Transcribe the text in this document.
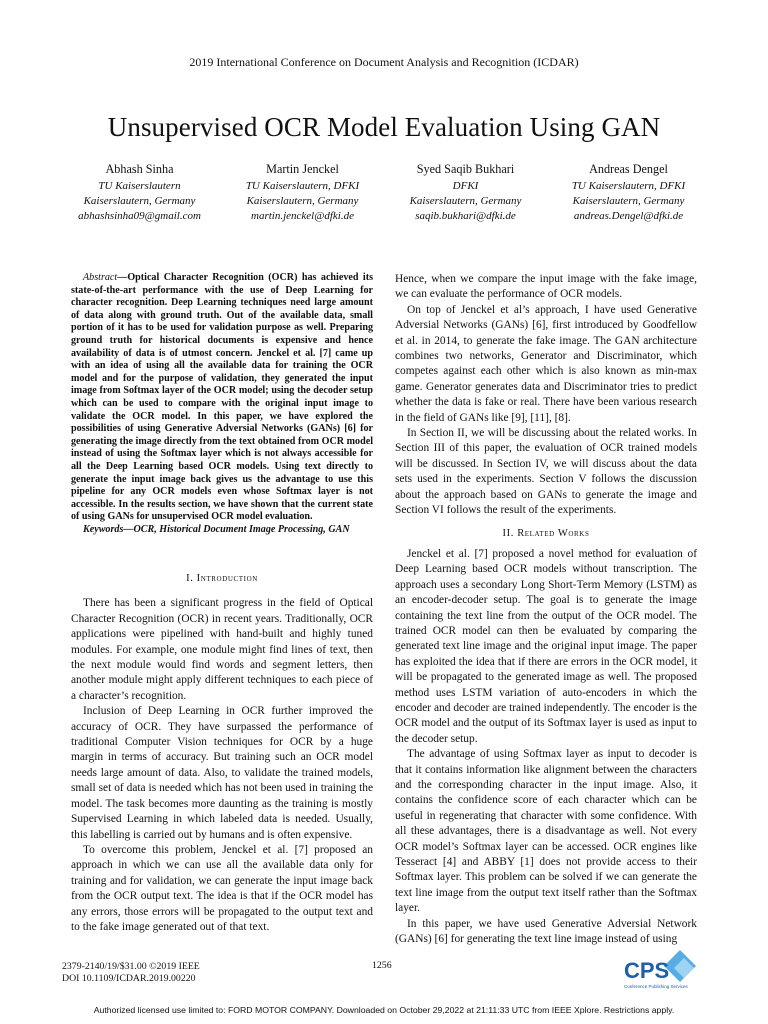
2019 International Conference on Document Analysis and Recognition (ICDAR)
Unsupervised OCR Model Evaluation Using GAN
Abhash Sinha
TU Kaiserslautern
Kaiserslautern, Germany
abhashsinha09@gmail.com
Martin Jenckel
TU Kaiserslautern, DFKI
Kaiserslautern, Germany
martin.jenckel@dfki.de
Syed Saqib Bukhari
DFKI
Kaiserslautern, Germany
saqib.bukhari@dfki.de
Andreas Dengel
TU Kaiserslautern, DFKI
Kaiserslautern, Germany
andreas.Dengel@dfki.de

Abstract—Optical Character Recognition (OCR) has achieved its state-of-the-art performance with the use of Deep Learning for character recognition. Deep Learning techniques need large amount of data along with ground truth. Out of the available data, small portion of it has to be used for validation purpose as well. Preparing ground truth for historical documents is expensive and hence availability of data is of utmost concern. Jenckel et al. [7] came up with an idea of using all the available data for training the OCR model and for the purpose of validation, they generated the input image from Softmax layer of the OCR model; using the decoder setup which can be used to compare with the original input image to validate the OCR model. In this paper, we have explored the possibilities of using Generative Adversial Networks (GANs) [6] for generating the image directly from the text obtained from OCR model instead of using the Softmax layer which is not always accessible for all the Deep Learning based OCR models. Using text directly to generate the input image back gives us the advantage to use this pipeline for any OCR models even whose Softmax layer is not accessible. In the results section, we have shown that the current state of using GANs for unsupervised OCR model evaluation.

Keywords—OCR, Historical Document Image Processing, GAN

I. Introduction

There has been a significant progress in the field of Optical Character Recognition (OCR) in recent years. Traditionally, OCR applications were pipelined with hand-built and highly tuned modules. For example, one module might find lines of text, then the next module would find words and segment letters, then another module might apply different techniques to each piece of a character’s recognition.

Inclusion of Deep Learning in OCR further improved the accuracy of OCR. They have surpassed the performance of traditional Computer Vision techniques for OCR by a huge margin in terms of accuracy. But training such an OCR model needs large amount of data. Also, to validate the trained models, small set of data is needed which has not been used in training the model. The task becomes more daunting as the training is mostly Supervised Learning in which labeled data is needed. Usually, this labelling is carried out by humans and is often expensive.

To overcome this problem, Jenckel et al. [7] proposed an approach in which we can use all the available data only for training and for validation, we can generate the input image back from the OCR output text. The idea is that if the OCR model has any errors, those errors will be propagated to the output text and to the fake image generated out of that text.

Hence, when we compare the input image with the fake image, we can evaluate the performance of OCR models.

On top of Jenckel et al’s approach, I have used Generative Adversial Networks (GANs) [6], first introduced by Goodfellow et al. in 2014, to generate the fake image. The GAN architecture combines two networks, Generator and Discriminator, which competes against each other which is also known as min-max game. Generator generates data and Discriminator tries to predict whether the data is fake or real. There have been various research in the field of GANs like [9], [11], [8].

In Section II, we will be discussing about the related works. In Section III of this paper, the evaluation of OCR trained models will be discussed. In Section IV, we will discuss about the data sets used in the experiments. Section V follows the discussion about the approach based on GANs to generate the image and Section VI follows the result of the experiments.

II. Related Works

Jenckel et al. [7] proposed a novel method for evaluation of Deep Learning based OCR models without transcription. The approach uses a secondary Long Short-Term Memory (LSTM) as an encoder-decoder setup. The goal is to generate the image containing the text line from the output of the OCR model. The trained OCR model can then be evaluated by comparing the generated text line image and the original input image. The paper has exploited the idea that if there are errors in the OCR model, it will be propagated to the generated image as well. The proposed method uses LSTM variation of auto-encoders in which the encoder and decoder are trained independently. The encoder is the OCR model and the output of its Softmax layer is used as input to the decoder setup.

The advantage of using Softmax layer as input to decoder is that it contains information like alignment between the characters and the corresponding character in the input image. Also, it contains the confidence score of each character which can be useful in regenerating that character with some confidence. With all these advantages, there is a disadvantage as well. Not every OCR model’s Softmax layer can be accessed. OCR engines like Tesseract [4] and ABBY [1] does not provide access to their Softmax layer. This problem can be solved if we can generate the text line image from the output text itself rather than the Softmax layer.

In this paper, we have used Generative Adversial Network (GANs) [6] for generating the text line image instead of using

2379-2140/19/$31.00 ©2019 IEEE
DOI 10.1109/ICDAR.2019.00220
1256	CPS
Conference Publishing Services
Authorized licensed use limited to: FORD MOTOR COMPANY. Downloaded on October 29,2022 at 21:11:33 UTC from IEEE Xplore. Restrictions apply.
